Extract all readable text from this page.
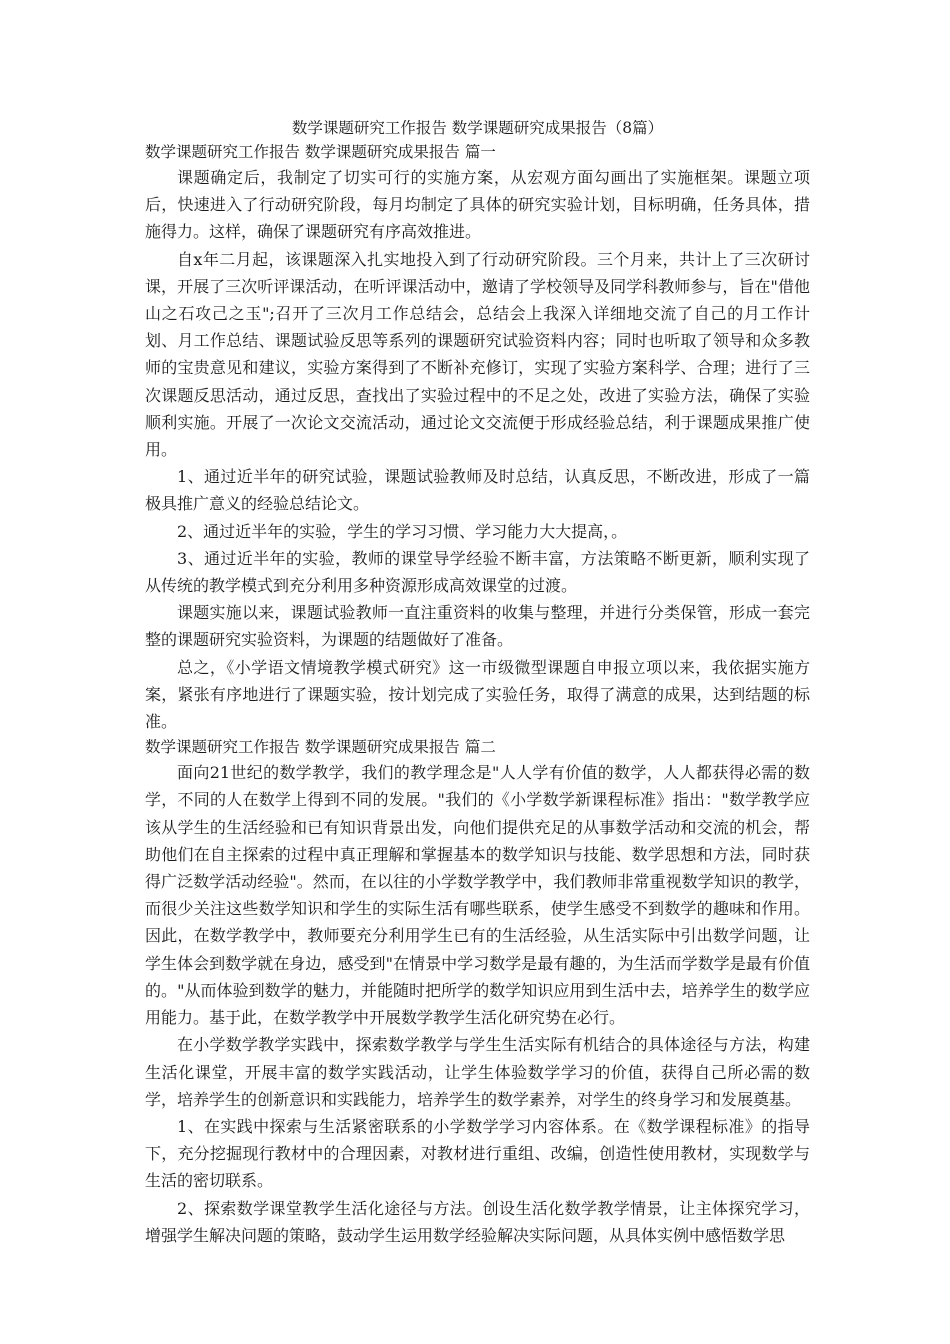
数学课题研究工作报告 数学课题研究成果报告（8篇）
数学课题研究工作报告 数学课题研究成果报告 篇一

课题确定后，我制定了切实可行的实施方案，从宏观方面勾画出了实施框架。课题立项后，快速进入了行动研究阶段，每月均制定了具体的研究实验计划，目标明确，任务具体，措施得力。这样，确保了课题研究有序高效推进。

自x年二月起，该课题深入扎实地投入到了行动研究阶段。三个月来，共计上了三次研讨课，开展了三次听评课活动，在听评课活动中，邀请了学校领导及同学科教师参与，旨在"借他山之石攻己之玉";召开了三次月工作总结会，总结会上我深入详细地交流了自己的月工作计划、月工作总结、课题试验反思等系列的课题研究试验资料内容；同时也听取了领导和众多教师的宝贵意见和建议，实验方案得到了不断补充修订，实现了实验方案科学、合理；进行了三次课题反思活动，通过反思，查找出了实验过程中的不足之处，改进了实验方法，确保了实验顺利实施。开展了一次论文交流活动，通过论文交流便于形成经验总结，利于课题成果推广使用。

1、通过近半年的研究试验，课题试验教师及时总结，认真反思，不断改进，形成了一篇极具推广意义的经验总结论文。

2、通过近半年的实验，学生的学习习惯、学习能力大大提高，。

3、通过近半年的实验，教师的课堂导学经验不断丰富，方法策略不断更新，顺利实现了从传统的教学模式到充分利用多种资源形成高效课堂的过渡。

课题实施以来，课题试验教师一直注重资料的收集与整理，并进行分类保管，形成一套完整的课题研究实验资料，为课题的结题做好了准备。

总之，《小学语文情境教学模式研究》这一市级微型课题自申报立项以来，我依据实施方案，紧张有序地进行了课题实验，按计划完成了实验任务，取得了满意的成果，达到结题的标准。

数学课题研究工作报告 数学课题研究成果报告 篇二

面向21世纪的数学教学，我们的教学理念是"人人学有价值的数学，人人都获得必需的数学，不同的人在数学上得到不同的发展。"我们的《小学数学新课程标准》指出："数学教学应该从学生的生活经验和已有知识背景出发，向他们提供充足的从事数学活动和交流的机会，帮助他们在自主探索的过程中真正理解和掌握基本的数学知识与技能、数学思想和方法，同时获得广泛数学活动经验"。然而，在以往的小学数学教学中，我们教师非常重视数学知识的教学，而很少关注这些数学知识和学生的实际生活有哪些联系，使学生感受不到数学的趣味和作用。因此，在数学教学中，教师要充分利用学生已有的生活经验，从生活实际中引出数学问题，让学生体会到数学就在身边，感受到"在情景中学习数学是最有趣的，为生活而学数学是最有价值的。"从而体验到数学的魅力，并能随时把所学的数学知识应用到生活中去，培养学生的数学应用能力。基于此，在数学教学中开展数学教学生活化研究势在必行。

在小学数学教学实践中，探索数学教学与学生生活实际有机结合的具体途径与方法，构建生活化课堂，开展丰富的数学实践活动，让学生体验数学学习的价值，获得自己所必需的数学，培养学生的创新意识和实践能力，培养学生的数学素养，对学生的终身学习和发展奠基。

1、在实践中探索与生活紧密联系的小学数学学习内容体系。在《数学课程标准》的指导下，充分挖掘现行教材中的合理因素，对教材进行重组、改编，创造性使用教材，实现数学与生活的密切联系。

2、探索数学课堂教学生活化途径与方法。创设生活化数学教学情景，让主体探究学习，增强学生解决问题的策略，鼓动学生运用数学经验解决实际问题，从具体实例中感悟数学思
